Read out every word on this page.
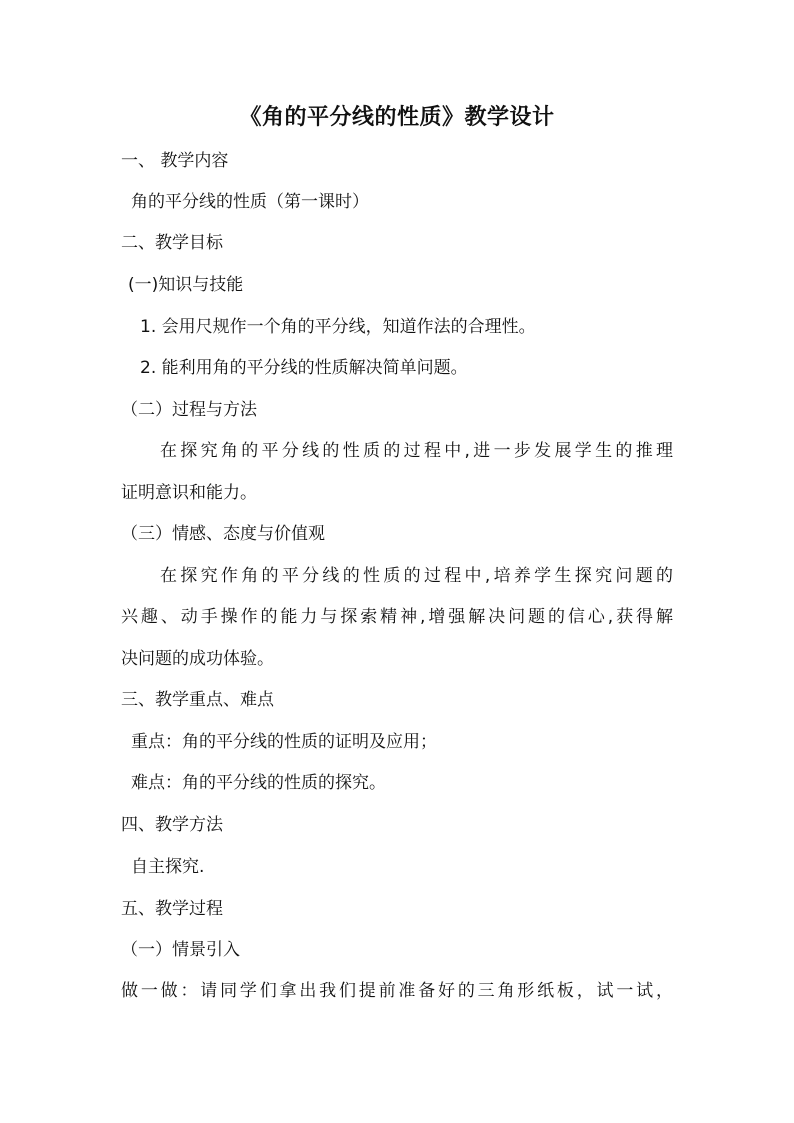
《角的平分线的性质》教学设计
一、 教学内容
角的平分线的性质（第一课时）
二、教学目标
(一)知识与技能
1. 会用尺规作一个角的平分线，知道作法的合理性。
2. 能利用角的平分线的性质解决简单问题。
（二）过程与方法
在探究角的平分线的性质的过程中,进一步发展学生的推理
证明意识和能力。
（三）情感、态度与价值观
在探究作角的平分线的性质的过程中,培养学生探究问题的
兴趣、动手操作的能力与探索精神,增强解决问题的信心,获得解
决问题的成功体验。
三、教学重点、难点
重点：角的平分线的性质的证明及应用；
难点：角的平分线的性质的探究。
四、教学方法
自主探究.
五、教学过程
（一）情景引入
做一做：请同学们拿出我们提前准备好的三角形纸板，试一试，
